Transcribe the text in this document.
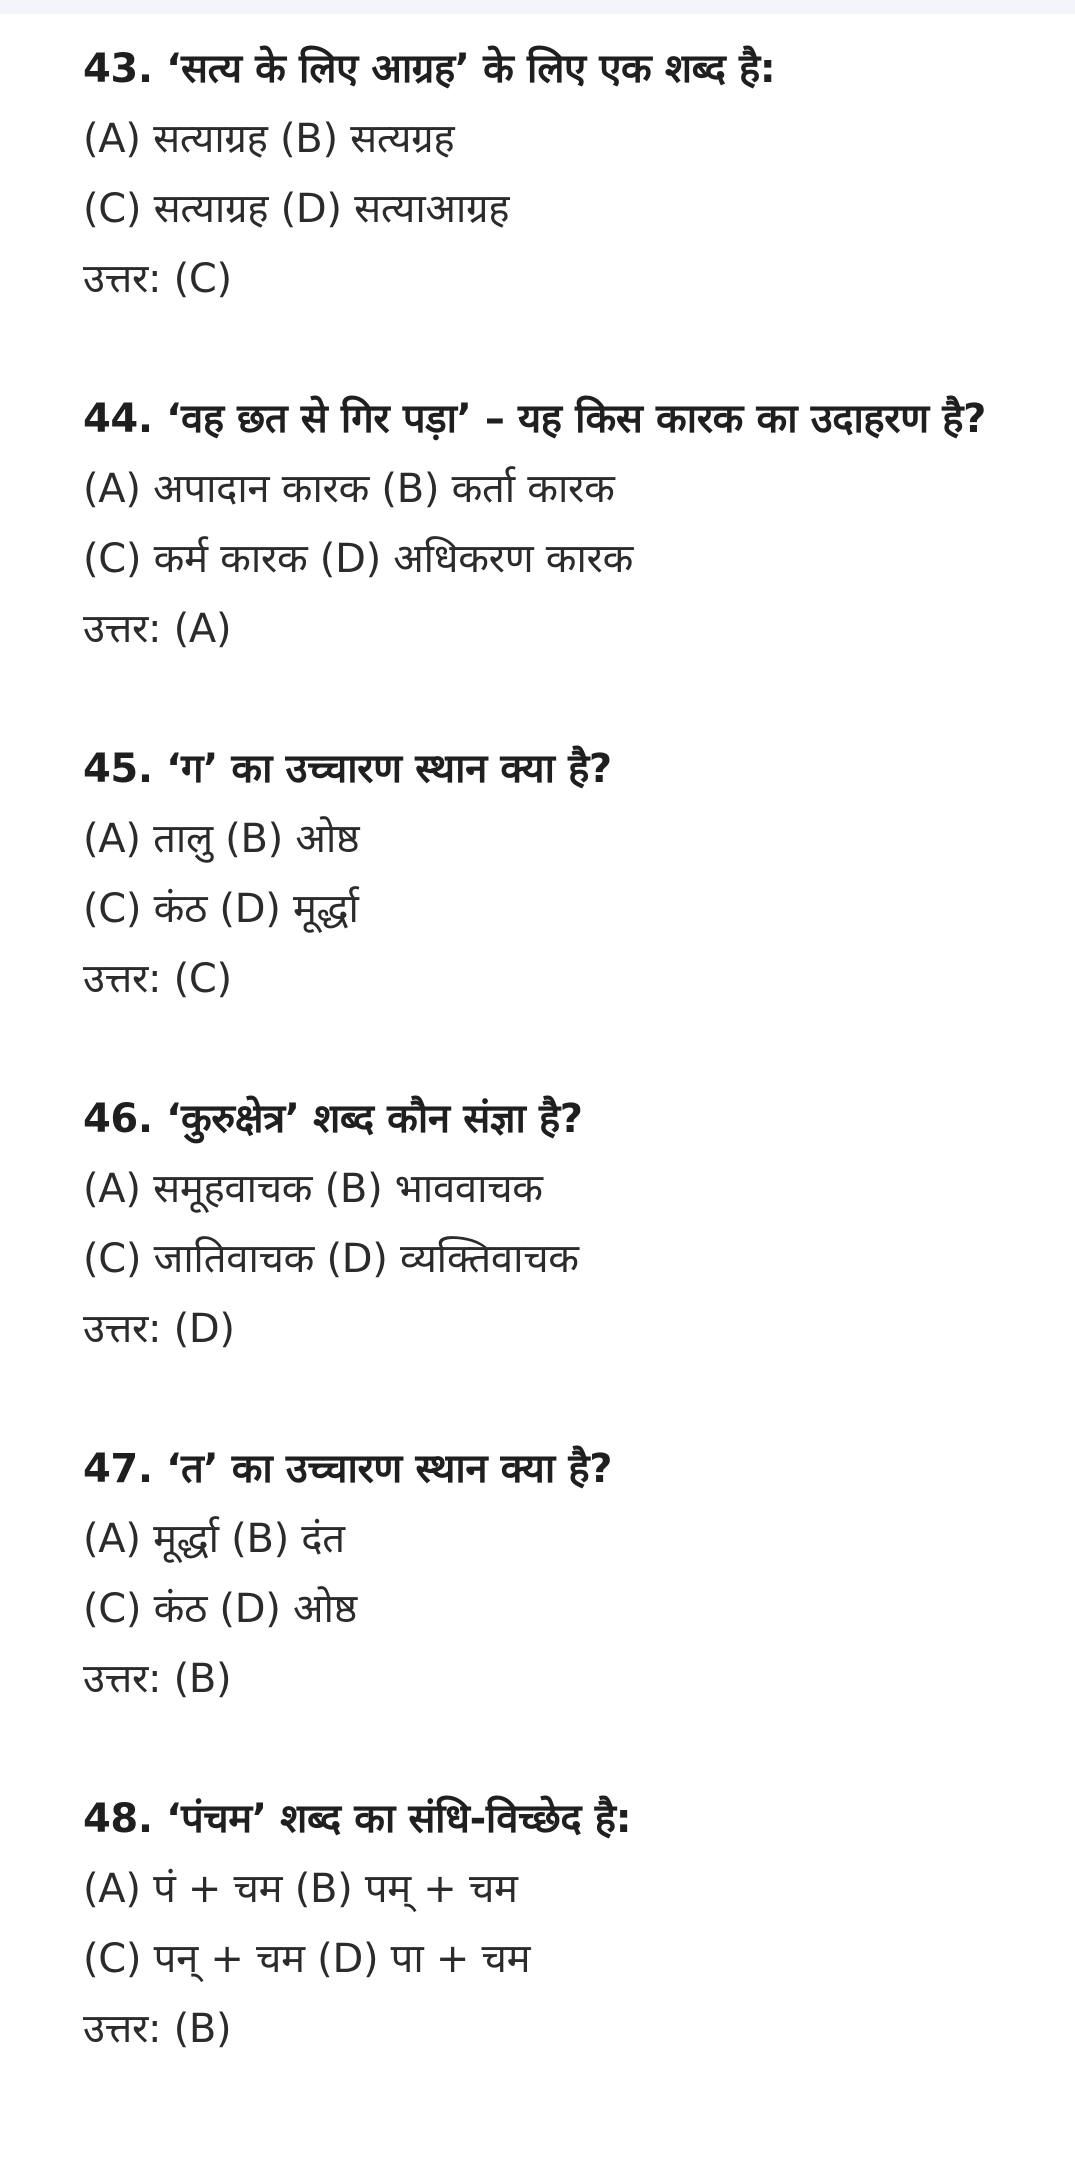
43. ‘सत्य के लिए आग्रह’ के लिए एक शब्द है:

(A) सत्याग्रह (B) सत्यग्रह

(C) सत्याग्रह (D) सत्याआग्रह

उत्तर: (C)

44. ‘वह छत से गिर पड़ा’ – यह किस कारक का उदाहरण है?

(A) अपादान कारक (B) कर्ता कारक

(C) कर्म कारक (D) अधिकरण कारक

उत्तर: (A)

45. ‘ग’ का उच्चारण स्थान क्या है?

(A) तालु (B) ओष्ठ

(C) कंठ (D) मूर्द्धा

उत्तर: (C)

46. ‘कुरुक्षेत्र’ शब्द कौन संज्ञा है?

(A) समूहवाचक (B) भाववाचक

(C) जातिवाचक (D) व्यक्तिवाचक

उत्तर: (D)

47. ‘त’ का उच्चारण स्थान क्या है?

(A) मूर्द्धा (B) दंत

(C) कंठ (D) ओष्ठ

उत्तर: (B)

48. ‘पंचम’ शब्द का संधि-विच्छेद है:

(A) पं + चम (B) पम् + चम

(C) पन् + चम (D) पा + चम

उत्तर: (B)
